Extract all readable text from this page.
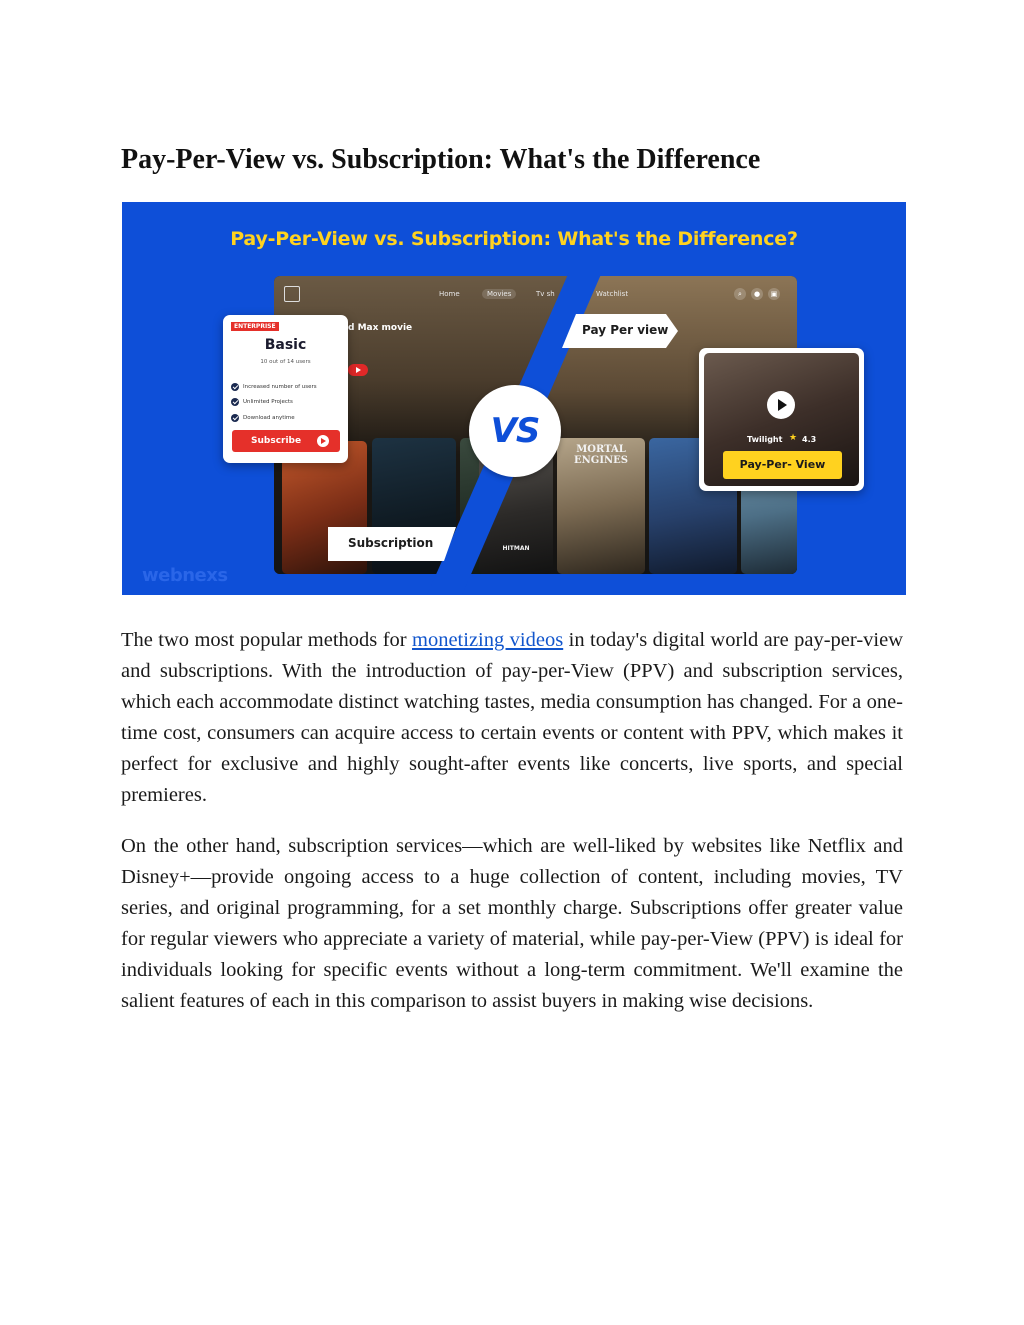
Pay-Per-View vs. Subscription: What's the Difference
Pay-Per-View vs. Subscription: What's the Difference?
Home	Movies	Tv sh	Watchlist	⌕	●	▣
d Max movie
HITMAN
MORTAL ENGINES
VS
Pay Per view
Subscription
ENTERPRISE
Basic
10 out of 14 users
Increased number of users
Unlimited Projects
Download anytime
Subscribe	Twilight ★ 4.3
Pay-Per- View
webnexs

The two most popular methods for monetizing videos in today's digital world are pay-per-view and subscriptions. With the introduction of pay-per-View (PPV) and subscription services, which each accommodate distinct watching tastes, media consumption has changed. For a one-time cost, consumers can acquire access to certain events or content with PPV, which makes it perfect for exclusive and highly sought-after events like concerts, live sports, and special premieres.

On the other hand, subscription services—which are well-liked by websites like Netflix and Disney+—provide ongoing access to a huge collection of content, including movies, TV series, and original programming, for a set monthly charge. Subscriptions offer greater value for regular viewers who appreciate a variety of material, while pay-per-View (PPV) is ideal for individuals looking for specific events without a long-term commitment. We'll examine the salient features of each in this comparison to assist buyers in making wise decisions.
